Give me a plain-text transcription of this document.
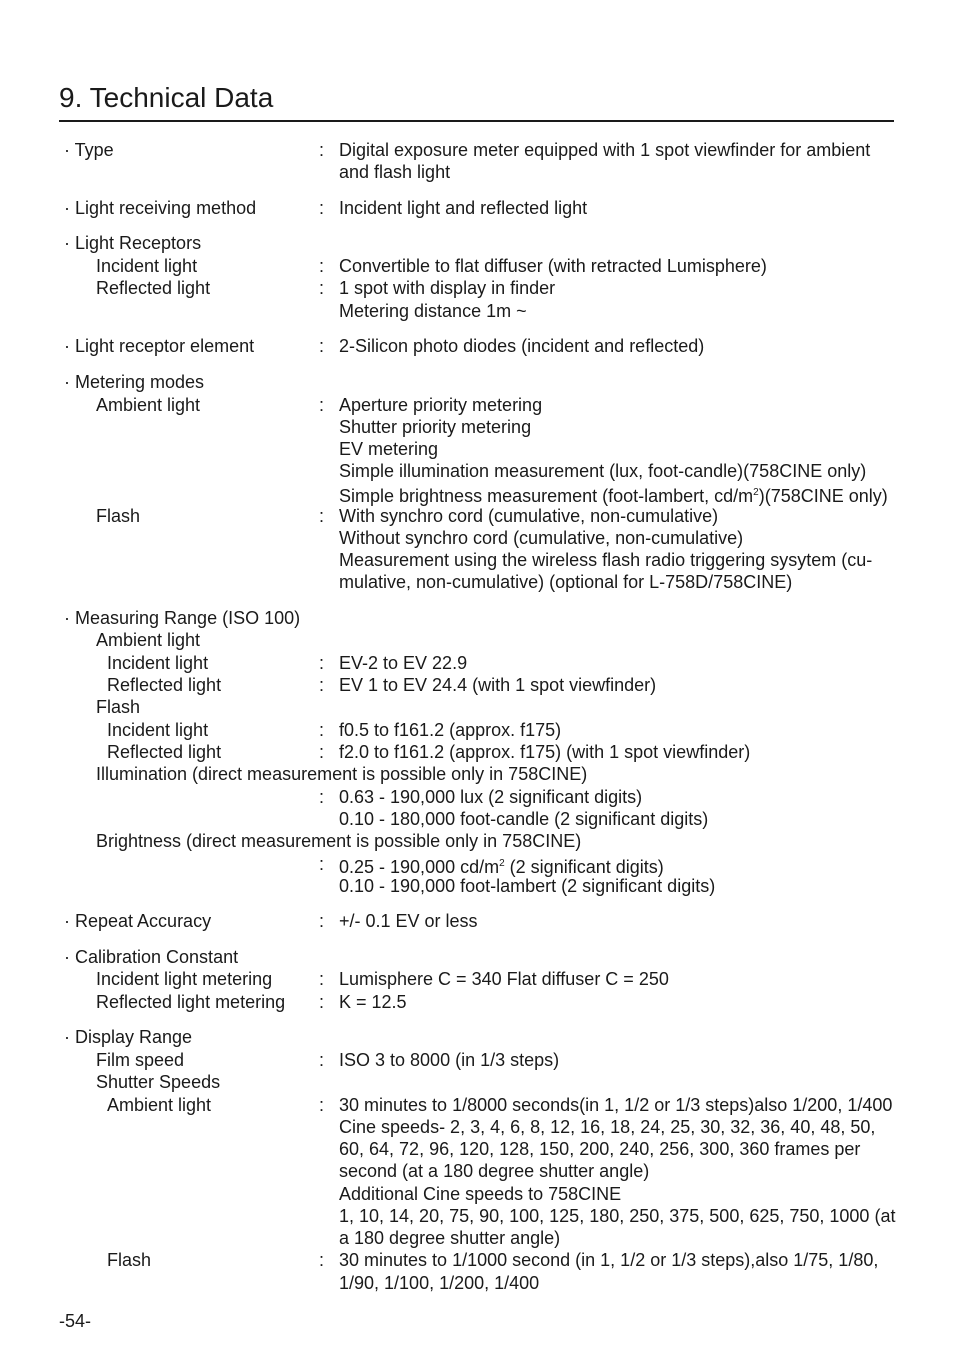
9. Technical Data
· Type	: Digital exposure meter equipped with 1 spot viewfinder for ambient
and flash light
· Light receiving method	: Incident light and reflected light
· Light Receptors
Incident light	: Convertible to flat diffuser (with retracted Lumisphere)
Reflected light	: 1 spot with display in finder
Metering distance 1m ~
· Light receptor element	: 2-Silicon photo diodes (incident and reflected)
· Metering modes
Ambient light	: Aperture priority metering
Shutter priority metering
EV metering
Simple illumination measurement (lux, foot-candle)(758CINE only)
Simple brightness measurement (foot-lambert, $cd/m^2)(758CINE$ only)
Flash	: With synchro cord (cumulative, non-cumulative)
Without synchro cord (cumulative, non-cumulative)
Measurement using the wireless flash radio triggering sysytem (cu-
mulative, non-cumulative) (optional for L-758D/758CINE)
· Measuring Range (ISO 100)
Ambient light
Incident light	: EV-2 to EV 22.9
Reflected light	: EV 1 to EV 24.4 (with 1 spot viewfinder)
Flash
Incident light	: f0.5 to f161.2 (approx. f175)
Reflected light	: f2.0 to f161.2 (approx. f175) (with 1 spot viewfinder)
Illumination (direct measurement is possible only in 758CINE)
: 0.63 - 190,000 lux (2 significant digits)
0.10 - 180,000 foot-candle (2 significant digits)
Brightness (direct measurement is possible only in 758CINE)
: 0.25 - 190,000 $cd/m^2$ (2 significant digits)
0.10 - 190,000 foot-lambert (2 significant digits)
· Repeat Accuracy	: +/- 0.1 EV or less
· Calibration Constant
Incident light metering	: Lumisphere C = 340 Flat diffuser C = 250
Reflected light metering : K = 12.5
· Display Range
Film speed	: ISO 3 to 8000 (in 1/3 steps)
Shutter Speeds
Ambient light	: 30 minutes to 1/8000 seconds(in 1, 1/2 or 1/3 steps)also 1/200, 1/400
Cine speeds- 2, 3, 4, 6, 8, 12, 16, 18, 24, 25, 30, 32, 36, 40, 48, 50,
60, 64, 72, 96, 120, 128, 150, 200, 240, 256, 300, 360 frames per
second (at a 180 degree shutter angle)
Additional Cine speeds to 758CINE
1, 10, 14, 20, 75, 90, 100, 125, 180, 250, 375, 500, 625, 750, 1000 (at
a 180 degree shutter angle)
Flash	: 30 minutes to 1/1000 second (in 1, 1/2 or 1/3 steps),also 1/75, 1/80,
1/90, 1/100, 1/200, 1/400
-54-
